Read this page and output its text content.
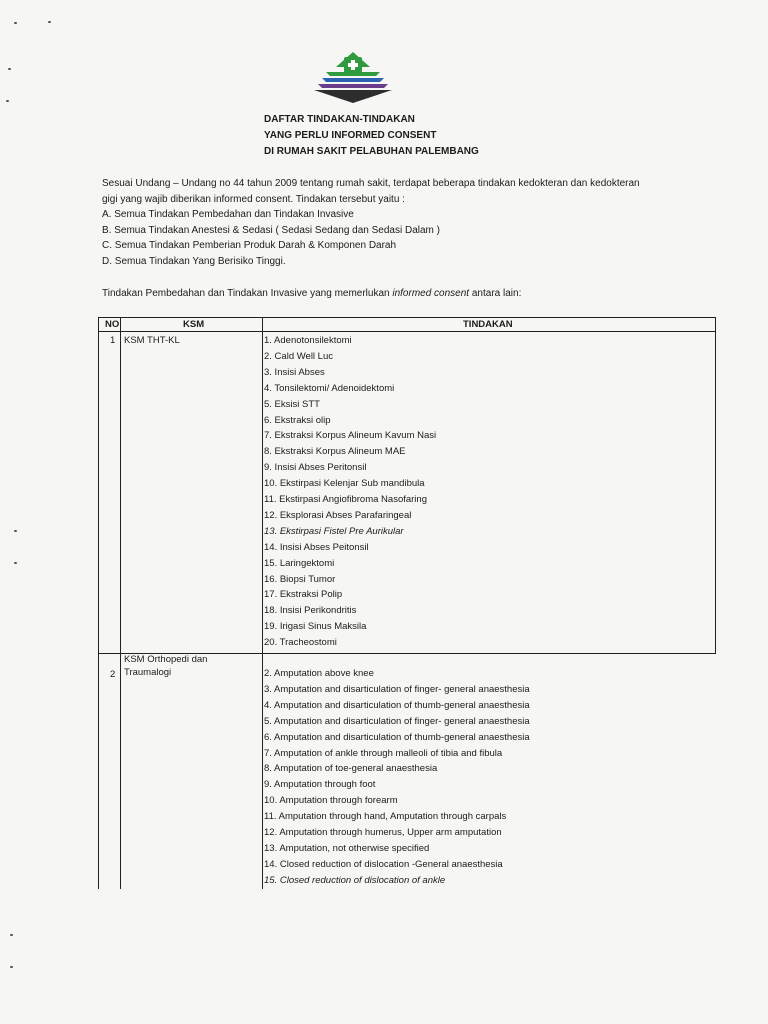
DAFTAR TINDAKAN-TINDAKAN
YANG PERLU INFORMED CONSENT
DI RUMAH SAKIT PELABUHAN PALEMBANG
Sesuai Undang – Undang no 44 tahun 2009 tentang rumah sakit, terdapat beberapa tindakan kedokteran dan kedokteran
gigi yang wajib diberikan informed consent. Tindakan tersebut yaitu :
A. Semua Tindakan Pembedahan dan Tindakan Invasive
B. Semua Tindakan Anestesi & Sedasi ( Sedasi Sedang dan Sedasi Dalam )
C. Semua Tindakan Pemberian Produk Darah & Komponen Darah
D. Semua Tindakan Yang Berisiko Tinggi.
Tindakan Pembedahan dan Tindakan Invasive yang memerlukan informed consent antara lain:
NO	KSM	TINDAKAN
1 KSM THT-KL
2
KSM Orthopedi dan
Traumalogi
1. Adenotonsilektomi
2. Cald Well Luc
3. Insisi Abses
4. Tonsilektomi/ Adenoidektomi
5. Eksisi STT
6. Ekstraksi olip
7. Ekstraksi Korpus Alineum Kavum Nasi
8. Ekstraksi Korpus Alineum MAE
9. Insisi Abses Peritonsil
10. Ekstirpasi Kelenjar Sub mandibula
11. Ekstirpasi Angiofibroma Nasofaring
12. Eksplorasi Abses Parafaringeal
13. Ekstirpasi Fistel Pre Aurikular
14. Insisi Abses Peitonsil
15. Laringektomi
16. Biopsi Tumor
17. Ekstraksi Polip
18. Insisi Perikondritis
19. Irigasi Sinus Maksila
20. Tracheostomi
2. Amputation above knee
3. Amputation and disarticulation of finger- general anaesthesia
4. Amputation and disarticulation of thumb-general anaesthesia
5. Amputation and disarticulation of finger- general anaesthesia
6. Amputation and disarticulation of thumb-general anaesthesia
7. Amputation of ankle through malleoli of tibia and fibula
8. Amputation of toe-general anaesthesia
9. Amputation through foot
10. Amputation through forearm
11. Amputation through hand, Amputation through carpals
12. Amputation through humerus, Upper arm amputation
13. Amputation, not otherwise specified
14. Closed reduction of dislocation -General anaesthesia
15. Closed reduction of dislocation of ankle
